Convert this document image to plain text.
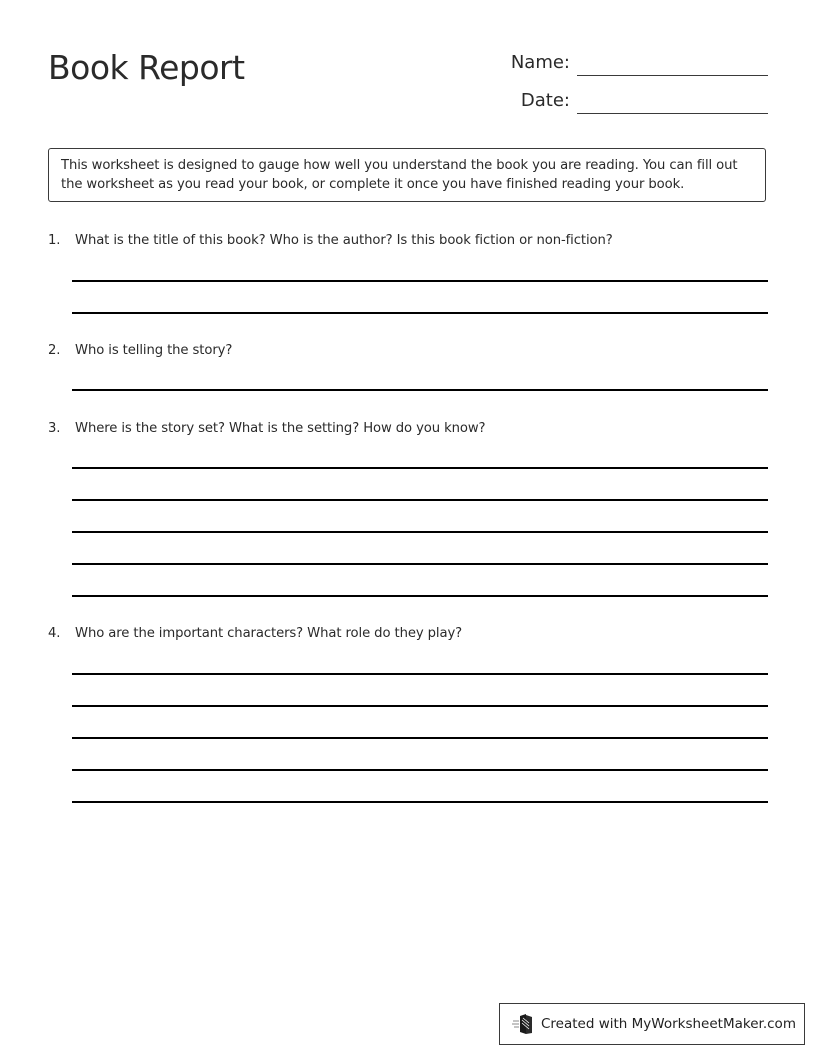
Book Report	Name:
Date:
This worksheet is designed to gauge how well you understand the book you are reading. You can fill out the worksheet as you read your book, or complete it once you have finished reading your book.
1.	What is the title of this book? Who is the author? Is this book fiction or non-fiction?
2.	Who is telling the story?
3.	Where is the story set? What is the setting? How do you know?
4.	Who are the important characters? What role do they play?
Created with MyWorksheetMaker.com
